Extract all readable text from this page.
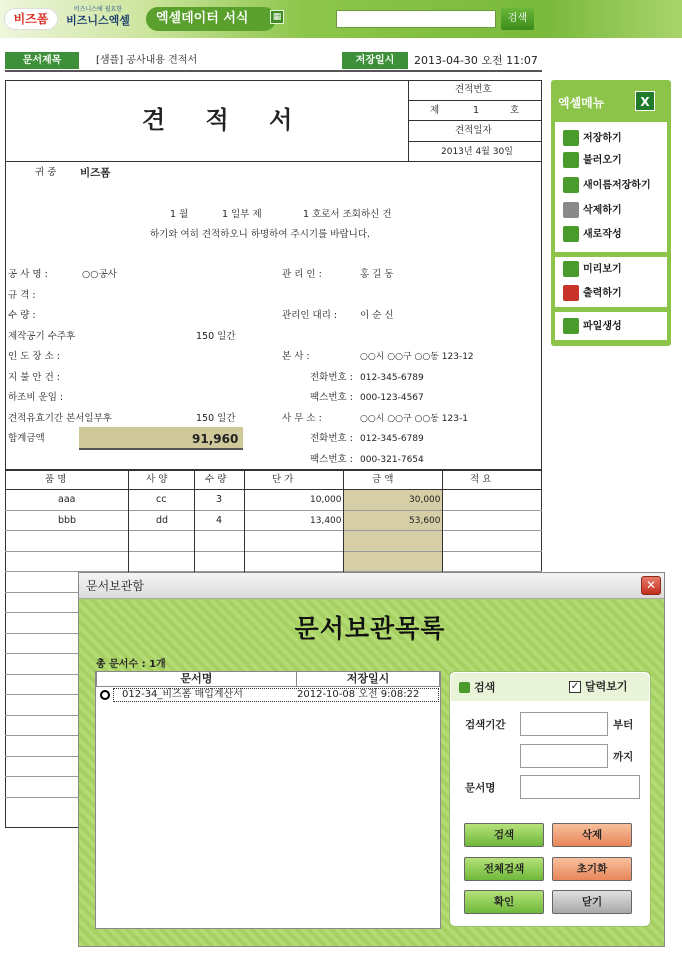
비즈폼
비즈니스에 필요한
비즈니스엑셀	엑셀데이터 서식	▦	검색
문서제목	[샘플] 공사내용 견적서	저장일시	2013-04-30 오전 11:07
견 적 서
견적번호
제	1	호
견적일자
2013년 4월 30일
귀 중 비즈폼
1 월	1 일부 제	1 호로서 조회하신 건
하기와 여히 견적하오니 하명하여 주시기를 바랍니다.
공 사 명 :	○○공사
규 격 :
수 량 :
제작공기 수주후	150 일간
인 도 장 소 :
지 불 안 건 :
하조비 운임 :
견적유효기간 본서일부후	150 일간
합계금액	91,960
관 리 인 :	홍 길 동
관리인 대리 : 이 순 신
본 사 :	○○시 ○○구 ○○동 123-12
전화번호 : 012-345-6789
팩스번호 : 000-123-4567
사 무 소 :	○○시 ○○구 ○○동 123-1
전화번호 : 012-345-6789
팩스번호 : 000-321-7654
품 명	사 양	수 량	단 가	금 액	적 요
aaa	cc	3	10,000	30,000
bbb	dd	4	13,400	53,600
엑셀메뉴	X
저장하기
불러오기
새이름저장하기
삭제하기
새로작성
미리보기
출력하기
파일생성
문서보관함	✕
문서보관목록
총 문서수 : 1개
문서명	저장일시
012-34_비즈폼 매입계산서	2012-10-08 오전 9:08:22
검색	✓ 달력보기
검색기간	부터
까지
문서명
검색	삭제
전체검색	초기화
확인	닫기
